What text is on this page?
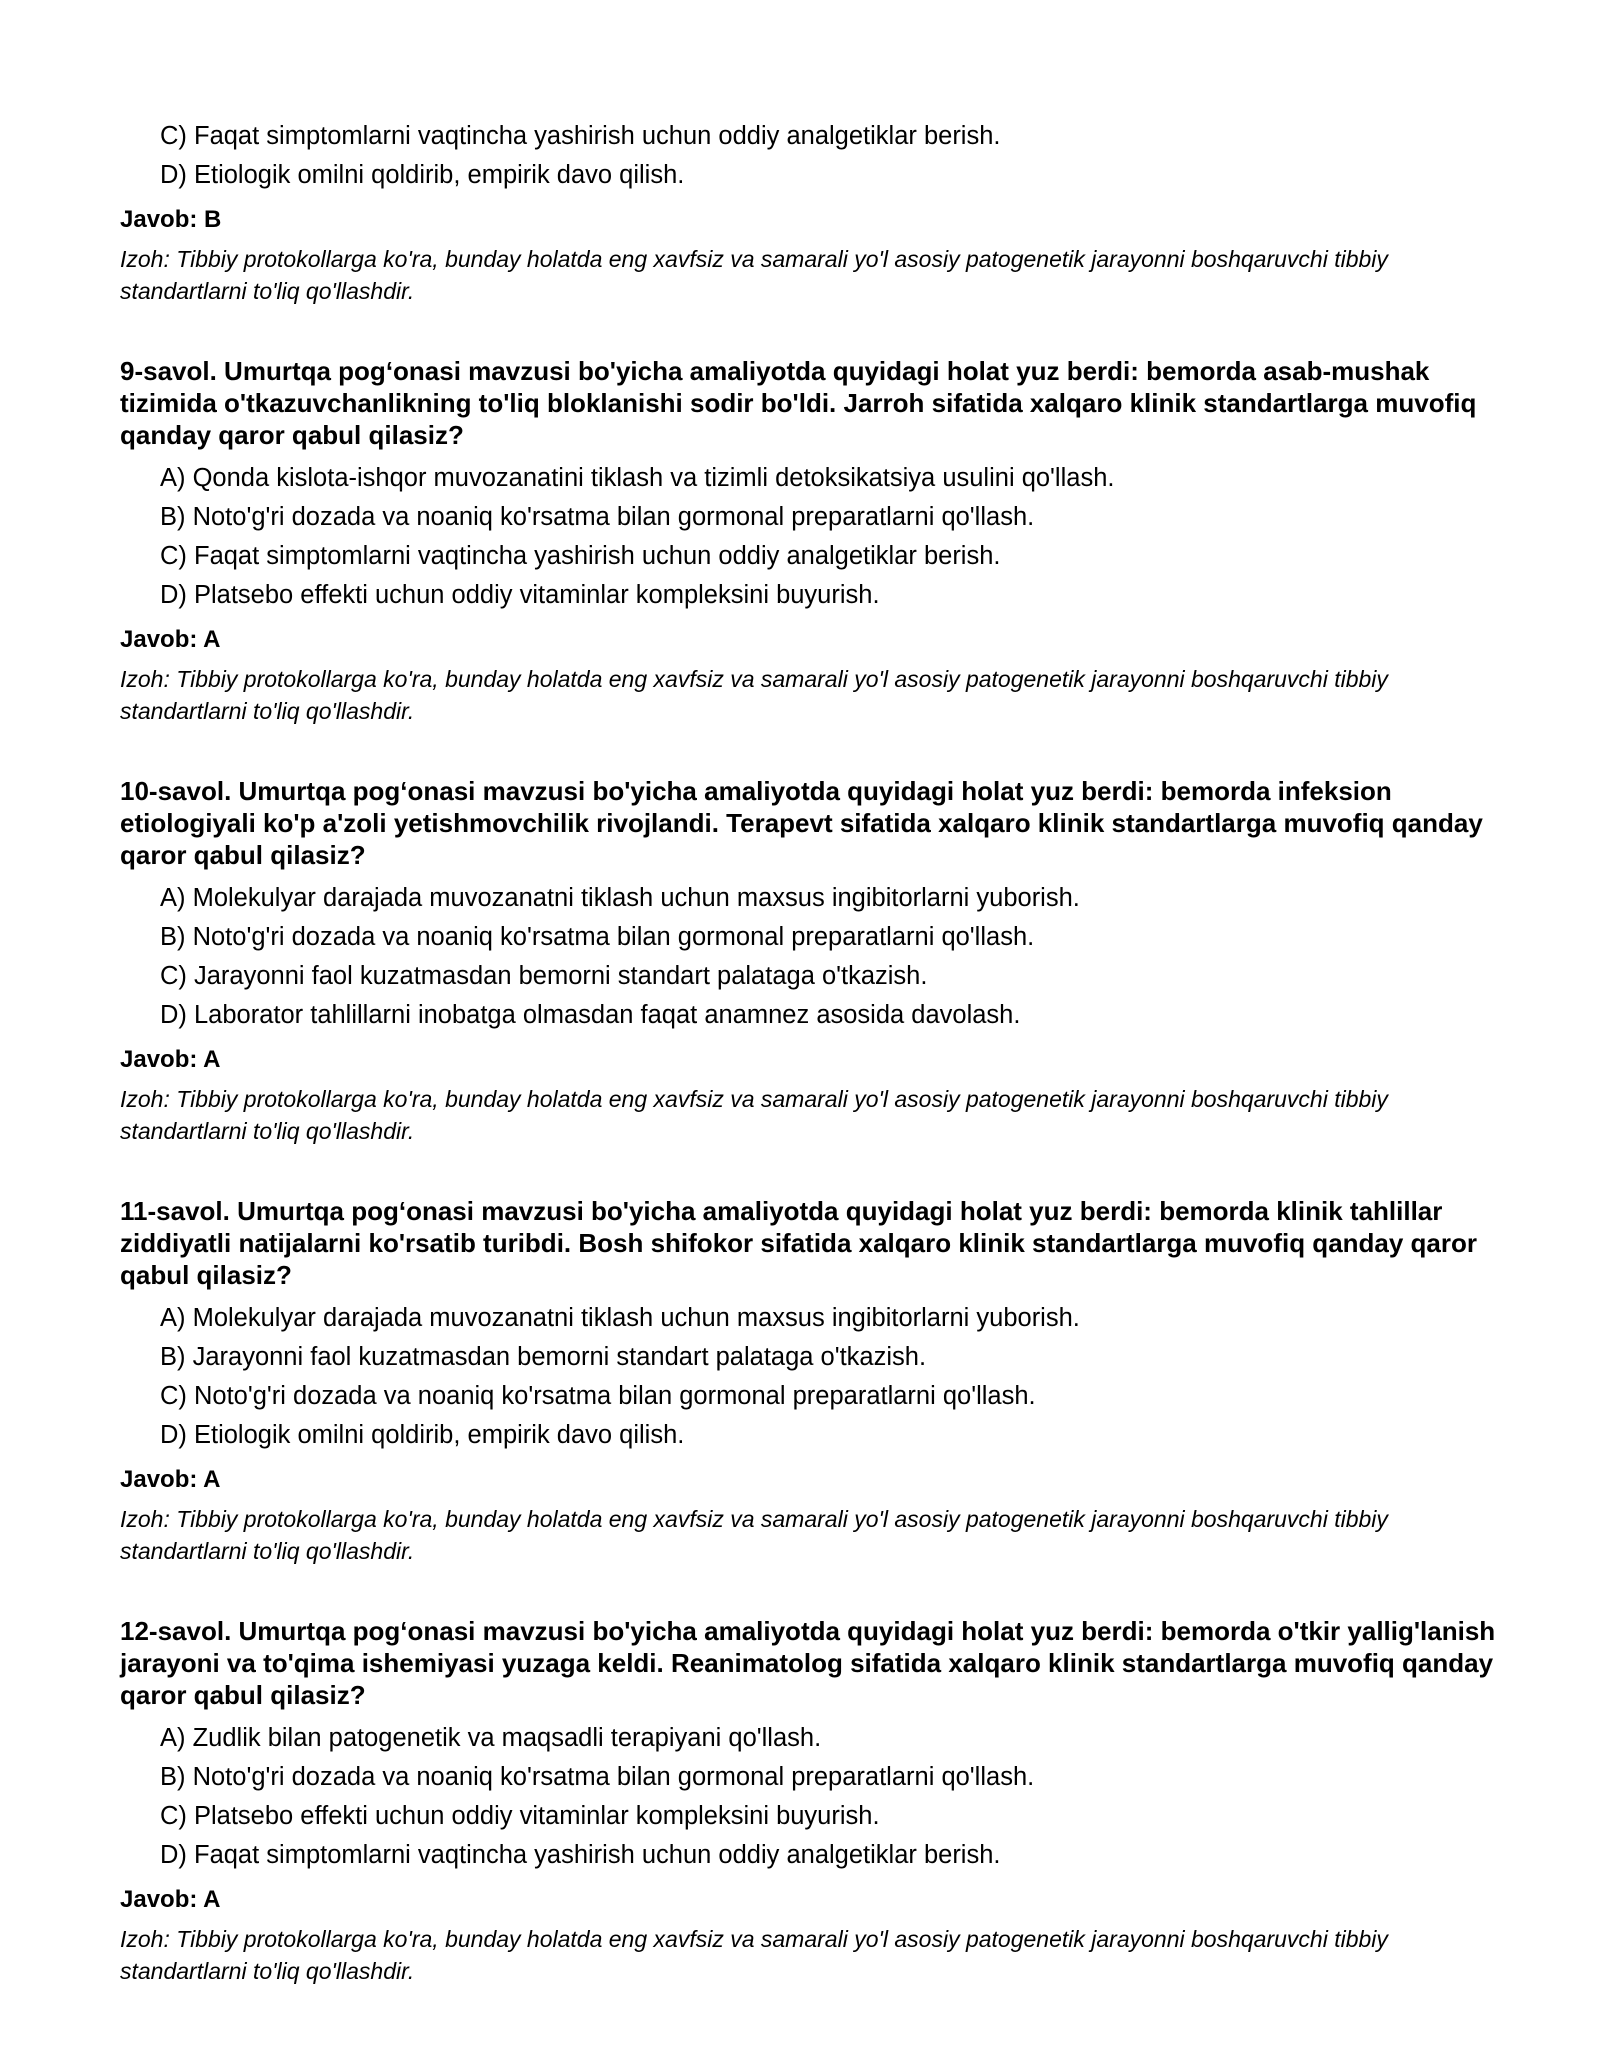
C) Faqat simptomlarni vaqtincha yashirish uchun oddiy analgetiklar berish.
D) Etiologik omilni qoldirib, empirik davo qilish.
Javob: B
Izoh: Tibbiy protokollarga ko'ra, bunday holatda eng xavfsiz va samarali yo'l asosiy patogenetik jarayonni boshqaruvchi tibbiy standartlarni to'liq qo'llashdir.
9-savol. Umurtqa pog‘onasi mavzusi bo'yicha amaliyotda quyidagi holat yuz berdi: bemorda asab-mushak tizimida o'tkazuvchanlikning to'liq bloklanishi sodir bo'ldi. Jarroh sifatida xalqaro klinik standartlarga muvofiq qanday qaror qabul qilasiz?
A) Qonda kislota-ishqor muvozanatini tiklash va tizimli detoksikatsiya usulini qo'llash.
B) Noto'g'ri dozada va noaniq ko'rsatma bilan gormonal preparatlarni qo'llash.
C) Faqat simptomlarni vaqtincha yashirish uchun oddiy analgetiklar berish.
D) Platsebo effekti uchun oddiy vitaminlar kompleksini buyurish.
Javob: A
Izoh: Tibbiy protokollarga ko'ra, bunday holatda eng xavfsiz va samarali yo'l asosiy patogenetik jarayonni boshqaruvchi tibbiy standartlarni to'liq qo'llashdir.
10-savol. Umurtqa pog‘onasi mavzusi bo'yicha amaliyotda quyidagi holat yuz berdi: bemorda infeksion etiologiyali ko'p a'zoli yetishmovchilik rivojlandi. Terapevt sifatida xalqaro klinik standartlarga muvofiq qanday qaror qabul qilasiz?
A) Molekulyar darajada muvozanatni tiklash uchun maxsus ingibitorlarni yuborish.
B) Noto'g'ri dozada va noaniq ko'rsatma bilan gormonal preparatlarni qo'llash.
C) Jarayonni faol kuzatmasdan bemorni standart palataga o'tkazish.
D) Laborator tahlillarni inobatga olmasdan faqat anamnez asosida davolash.
Javob: A
Izoh: Tibbiy protokollarga ko'ra, bunday holatda eng xavfsiz va samarali yo'l asosiy patogenetik jarayonni boshqaruvchi tibbiy standartlarni to'liq qo'llashdir.
11-savol. Umurtqa pog‘onasi mavzusi bo'yicha amaliyotda quyidagi holat yuz berdi: bemorda klinik tahlillar ziddiyatli natijalarni ko'rsatib turibdi. Bosh shifokor sifatida xalqaro klinik standartlarga muvofiq qanday qaror qabul qilasiz?
A) Molekulyar darajada muvozanatni tiklash uchun maxsus ingibitorlarni yuborish.
B) Jarayonni faol kuzatmasdan bemorni standart palataga o'tkazish.
C) Noto'g'ri dozada va noaniq ko'rsatma bilan gormonal preparatlarni qo'llash.
D) Etiologik omilni qoldirib, empirik davo qilish.
Javob: A
Izoh: Tibbiy protokollarga ko'ra, bunday holatda eng xavfsiz va samarali yo'l asosiy patogenetik jarayonni boshqaruvchi tibbiy standartlarni to'liq qo'llashdir.
12-savol. Umurtqa pog‘onasi mavzusi bo'yicha amaliyotda quyidagi holat yuz berdi: bemorda o'tkir yallig'lanish jarayoni va to'qima ishemiyasi yuzaga keldi. Reanimatolog sifatida xalqaro klinik standartlarga muvofiq qanday qaror qabul qilasiz?
A) Zudlik bilan patogenetik va maqsadli terapiyani qo'llash.
B) Noto'g'ri dozada va noaniq ko'rsatma bilan gormonal preparatlarni qo'llash.
C) Platsebo effekti uchun oddiy vitaminlar kompleksini buyurish.
D) Faqat simptomlarni vaqtincha yashirish uchun oddiy analgetiklar berish.
Javob: A
Izoh: Tibbiy protokollarga ko'ra, bunday holatda eng xavfsiz va samarali yo'l asosiy patogenetik jarayonni boshqaruvchi tibbiy standartlarni to'liq qo'llashdir.
